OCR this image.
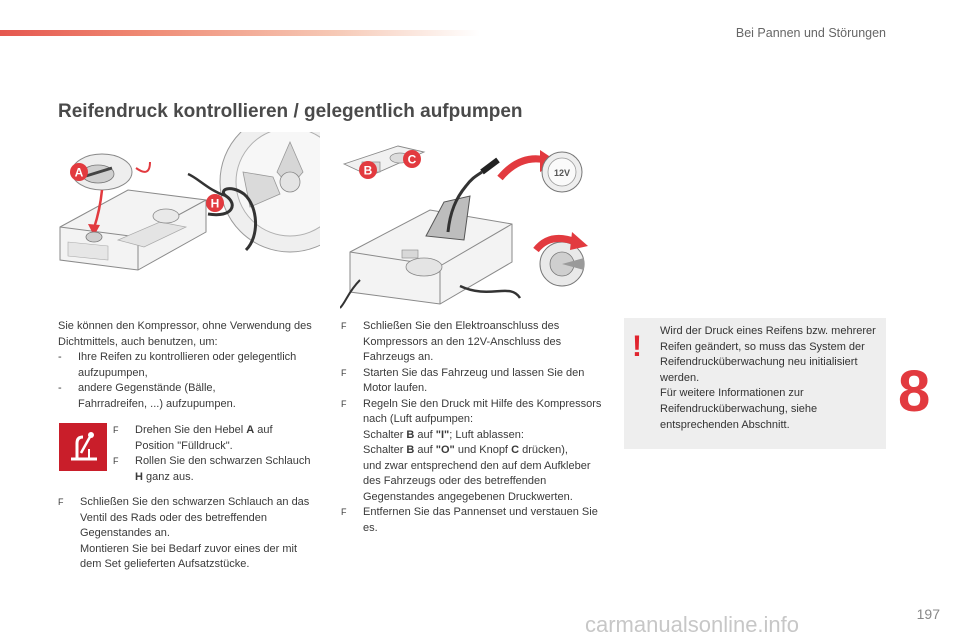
Bei Pannen und Störungen
Reifendruck kontrollieren / gelegentlich aufpumpen
A
H
12V
B
C

Sie können den Kompressor, ohne Verwendung des Dichtmittels, auch benutzen, um:

- Ihre Reifen zu kontrollieren oder gelegentlich aufzupumpen,

- andere Gegenstände (Bälle,
Fahrradreifen, ...) aufzupumpen.

F Drehen Sie den Hebel A auf Position "Fülldruck".

F Rollen Sie den schwarzen Schlauch H ganz aus.

F Schließen Sie den schwarzen Schlauch an das Ventil des Rads oder des betreffenden Gegenstandes an.

Montieren Sie bei Bedarf zuvor eines der mit dem Set gelieferten Aufsatzstücke.

F Schließen Sie den Elektroanschluss des Kompressors an den 12V-Anschluss des Fahrzeugs an.

F Starten Sie das Fahrzeug und lassen Sie den Motor laufen.

F Regeln Sie den Druck mit Hilfe des Kompressors nach (Luft aufpumpen:
Schalter B auf "I"; Luft ablassen:
Schalter B auf "O" und Knopf C drücken),
und zwar entsprechend den auf dem Aufkleber des Fahrzeugs oder des betreffenden Gegenstandes angegebenen Druckwerten.

F Entfernen Sie das Pannenset und verstauen Sie es.

! Wird der Druck eines Reifens bzw. mehrerer Reifen geändert, so muss das System der Reifendrucküberwachung neu initialisiert werden.
Für weitere Informationen zur Reifendrucküberwachung, siehe entsprechenden Abschnitt.

8
197
carmanualsonline.info
